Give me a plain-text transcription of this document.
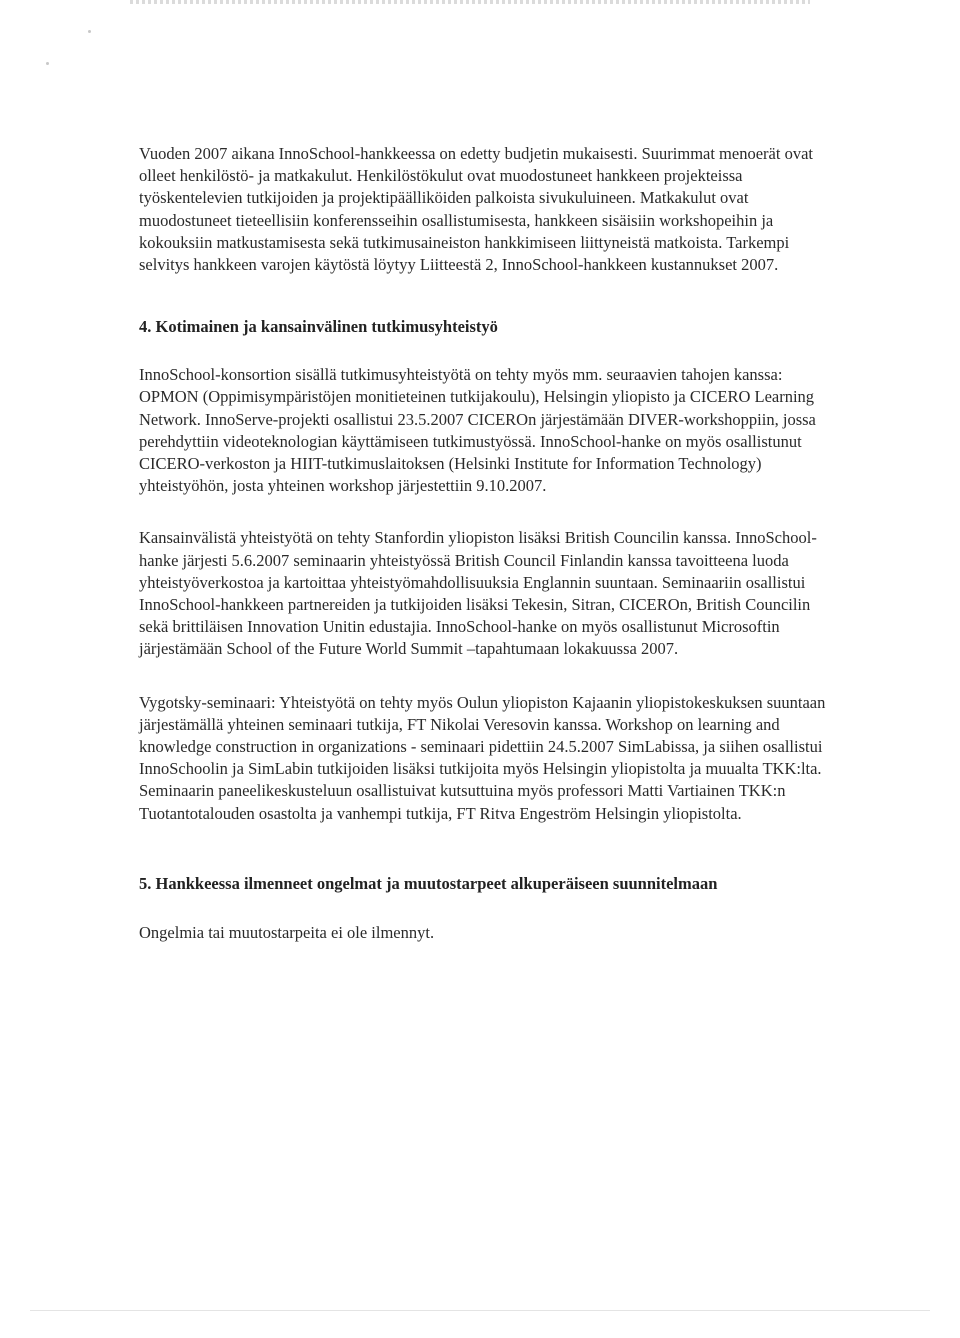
Vuoden 2007 aikana InnoSchool-hankkeessa on edetty budjetin mukaisesti. Suurimmat menoerät ovat olleet henkilöstö- ja matkakulut. Henkilöstökulut ovat muodostuneet hankkeen projekteissa työskentelevien tutkijoiden ja projektipäälliköiden palkoista sivukuluineen. Matkakulut ovat muodostuneet tieteellisiin konferensseihin osallistumisesta, hankkeen sisäisiin workshopeihin ja kokouksiin matkustamisesta sekä tutkimusaineiston hankkimiseen liittyneistä matkoista. Tarkempi selvitys hankkeen varojen käytöstä löytyy Liitteestä 2, InnoSchool-hankkeen kustannukset 2007.

4. Kotimainen ja kansainvälinen tutkimusyhteistyö

InnoSchool-konsortion sisällä tutkimusyhteistyötä on tehty myös mm. seuraavien tahojen kanssa: OPMON (Oppimisympäristöjen monitieteinen tutkijakoulu), Helsingin yliopisto ja CICERO Learning Network. InnoServe-projekti osallistui 23.5.2007 CICEROn järjestämään DIVER-workshoppiin, jossa perehdyttiin videoteknologian käyttämiseen tutkimustyössä. InnoSchool-hanke on myös osallistunut CICERO-verkoston ja HIIT-tutkimuslaitoksen (Helsinki Institute for Information Technology) yhteistyöhön, josta yhteinen workshop järjestettiin 9.10.2007.

Kansainvälistä yhteistyötä on tehty Stanfordin yliopiston lisäksi British Councilin kanssa. InnoSchool-hanke järjesti 5.6.2007 seminaarin yhteistyössä British Council Finlandin kanssa tavoitteena luoda yhteistyöverkostoa ja kartoittaa yhteistyömahdollisuuksia Englannin suuntaan. Seminaariin osallistui InnoSchool-hankkeen partnereiden ja tutkijoiden lisäksi Tekesin, Sitran, CICEROn, British Councilin sekä brittiläisen Innovation Unitin edustajia. InnoSchool-hanke on myös osallistunut Microsoftin järjestämään School of the Future World Summit –tapahtumaan lokakuussa 2007.

Vygotsky-seminaari: Yhteistyötä on tehty myös Oulun yliopiston Kajaanin yliopistokeskuksen suuntaan järjestämällä yhteinen seminaari tutkija, FT Nikolai Veresovin kanssa. Workshop on learning and knowledge construction in organizations - seminaari pidettiin 24.5.2007 SimLabissa, ja siihen osallistui InnoSchoolin ja SimLabin tutkijoiden lisäksi tutkijoita myös Helsingin yliopistolta ja muualta TKK:lta. Seminaarin paneelikeskusteluun osallistuivat kutsuttuina myös professori Matti Vartiainen TKK:n Tuotantotalouden osastolta ja vanhempi tutkija, FT Ritva Engeström Helsingin yliopistolta.

5. Hankkeessa ilmenneet ongelmat ja muutostarpeet alkuperäiseen suunnitelmaan

Ongelmia tai muutostarpeita ei ole ilmennyt.
